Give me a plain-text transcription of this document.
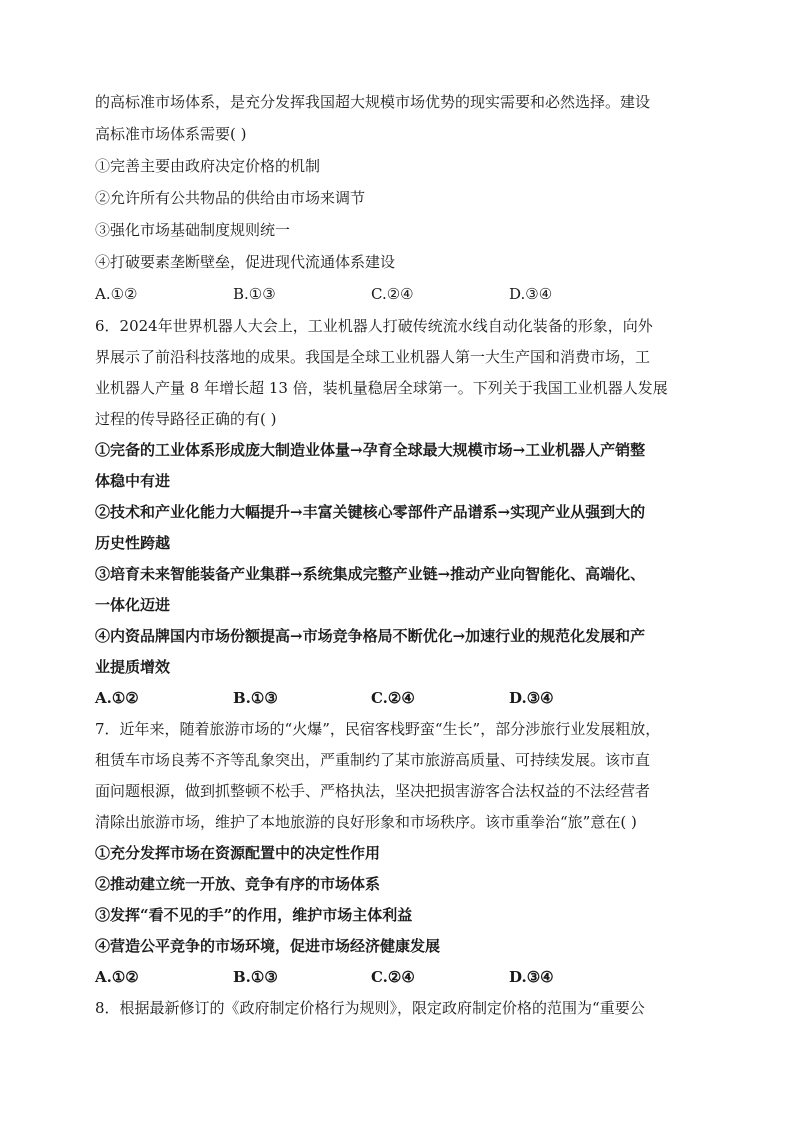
的高标准市场体系，是充分发挥我国超大规模市场优势的现实需要和必然选择。建设
高标准市场体系需要( )
①完善主要由政府决定价格的机制
②允许所有公共物品的供给由市场来调节
③强化市场基础制度规则统一
④打破要素垄断壁垒，促进现代流通体系建设
A.①②	B.①③	C.②④	D.③④
6．2024年世界机器人大会上，工业机器人打破传统流水线自动化装备的形象，向外
界展示了前沿科技落地的成果。我国是全球工业机器人第一大生产国和消费市场，工
业机器人产量 8 年增长超 13 倍，装机量稳居全球第一。下列关于我国工业机器人发展
过程的传导路径正确的有( )
①完备的工业体系形成庞大制造业体量→孕育全球最大规模市场→工业机器人产销整
体稳中有进
②技术和产业化能力大幅提升→丰富关键核心零部件产品谱系→实现产业从强到大的
历史性跨越
③培育未来智能装备产业集群→系统集成完整产业链→推动产业向智能化、高端化、
一体化迈进
④内资品牌国内市场份额提高→市场竞争格局不断优化→加速行业的规范化发展和产
业提质增效
A.①②	B.①③	C.②④	D.③④
7．近年来，随着旅游市场的“火爆”，民宿客栈野蛮“生长”，部分涉旅行业发展粗放，
租赁车市场良莠不齐等乱象突出，严重制约了某市旅游高质量、可持续发展。该市直
面问题根源，做到抓整顿不松手、严格执法，坚决把损害游客合法权益的不法经营者
清除出旅游市场，维护了本地旅游的良好形象和市场秩序。该市重拳治“旅”意在( )
①充分发挥市场在资源配置中的决定性作用
②推动建立统一开放、竞争有序的市场体系
③发挥“看不见的手”的作用，维护市场主体利益
④营造公平竞争的市场环境，促进市场经济健康发展
A.①②	B.①③	C.②④	D.③④
8．根据最新修订的《政府制定价格行为规则》，限定政府制定价格的范围为“重要公
